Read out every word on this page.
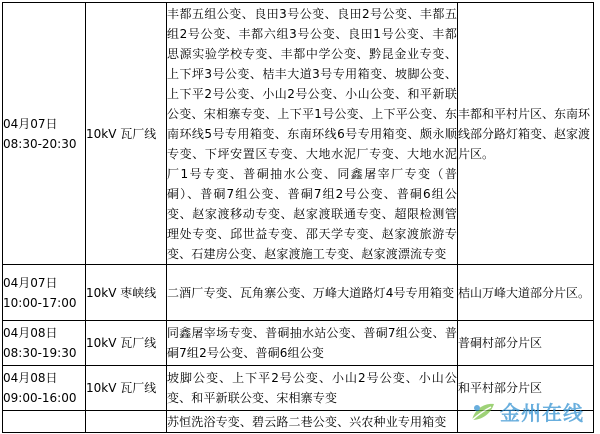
04月07日
08:30-20:30	10kV 瓦厂线	丰都五组公变、良田3号公变、良田2号公变、丰都五组2号公变、丰都六组3号公变、良田1号公变、丰都思源实验学校专变、丰都中学公变、黔昆金业专变、上下坪3号公变、桔丰大道3号专用箱变、坡脚公变、上下平2号公变、小山2号公变、小山公变、和平新联公变、宋相寨专变、上下平1号公变、上下平公变、东南环线5号专用箱变、东南环线6号专用箱变、颇永顺专变、下坪安置区专变、大地水泥厂专变、大地水泥厂1号专变、普硐抽水公变、同鑫屠宰厂专变（普硐）、普硐7组公变、普硐7组2号公变、普硐6组公变、赵家渡移动专变、赵家渡联通专变、超限检测管理处专变、邱世益专变、邵天学专变、赵家渡旅游专变、石建房公变、赵家渡施工专变、赵家渡漂流专变	丰都和平村片区、东南环线部分路灯箱变、赵家渡片区。

04月07日
10:00-17:00	10kV 枣峡线	二酒厂专变、瓦角寨公变、万峰大道路灯4号专用箱变	桔山万峰大道部分片区。

04月08日
08:30-19:30	10kV 瓦厂线	同鑫屠宰场专变、普硐抽水站公变、普硐7组公变、普硐7组2号公变、普硐6组公变	普硐村部分片区

04月08日
09:00-16:00	10kV 瓦厂线	坡脚公变、上下平2号公变、小山2号公变、小山公变、和平新联公变、宋相寨专变	和平村部分片区

		苏恒洗浴专变、碧云路二巷公变、兴农种业专用箱变		金州在线
